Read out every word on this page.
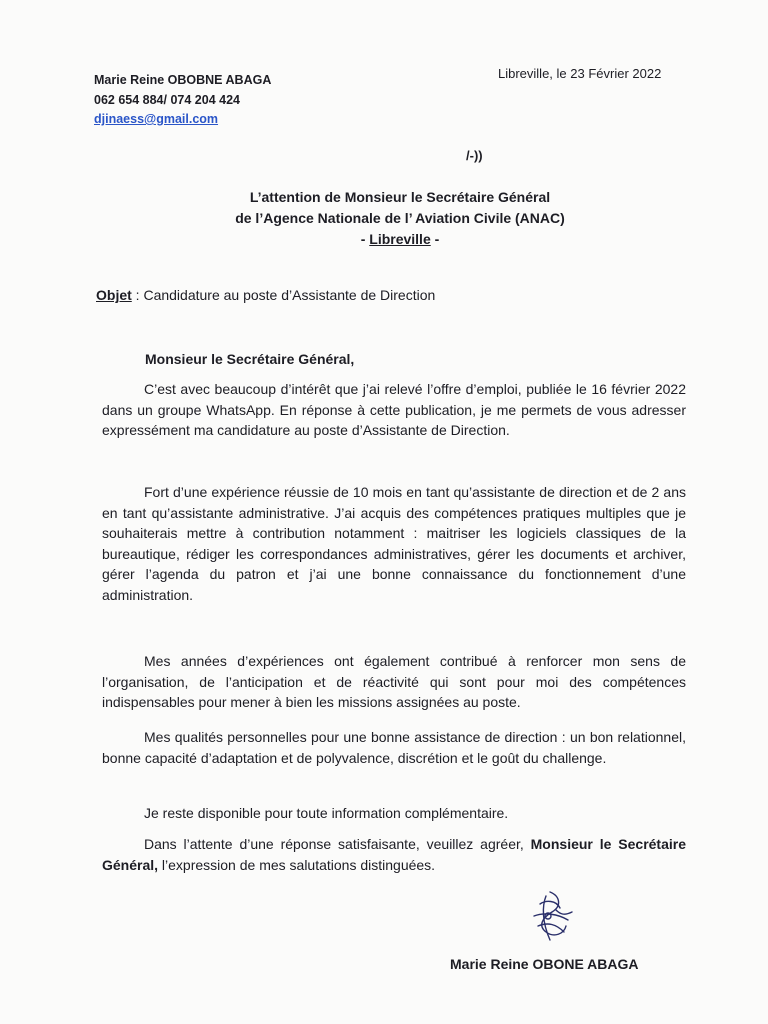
Marie Reine OBOBNE ABAGA
062 654 884/ 074 204 424
djinaess@gmail.com
Libreville, le 23 Février 2022
/-))
L’attention de Monsieur le Secrétaire Général
de l’Agence Nationale de l’ Aviation Civile (ANAC)
- Libreville -
Objet : Candidature au poste d’Assistante de Direction
Monsieur le Secrétaire Général,
C’est avec beaucoup d’intérêt que j’ai relevé l’offre d’emploi, publiée le 16 février 2022 dans un groupe WhatsApp. En réponse à cette publication, je me permets de vous adresser expressément ma candidature au poste d’Assistante de Direction.
Fort d’une expérience réussie de 10 mois en tant qu’assistante de direction et de 2 ans en tant qu’assistante administrative. J’ai acquis des compétences pratiques multiples que je souhaiterais mettre à contribution notamment : maitriser les logiciels classiques de la bureautique, rédiger les correspondances administratives, gérer les documents et archiver, gérer l’agenda du patron et j’ai une bonne connaissance du fonctionnement d’une administration.
Mes années d’expériences ont également contribué à renforcer mon sens de l’organisation, de l’anticipation et de réactivité qui sont pour moi des compétences indispensables pour mener à bien les missions assignées au poste.
Mes qualités personnelles pour une bonne assistance de direction : un bon relationnel, bonne capacité d’adaptation et de polyvalence, discrétion et le goût du challenge.
Je reste disponible pour toute information complémentaire.
Dans l’attente d’une réponse satisfaisante, veuillez agréer, Monsieur le Secrétaire Général, l’expression de mes salutations distinguées.
Marie Reine OBONE ABAGA
